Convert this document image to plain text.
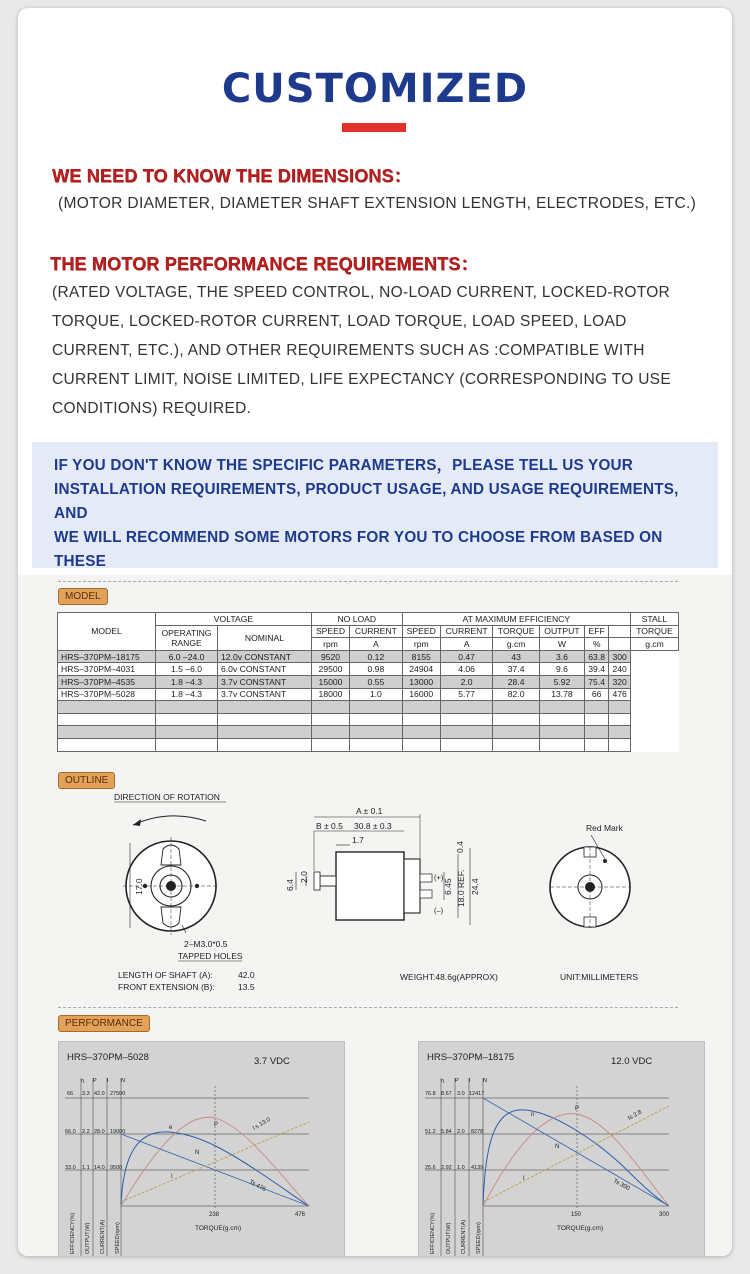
CUSTOMIZED
WE NEED TO KNOW THE DIMENSIONS：
(MOTOR DIAMETER, DIAMETER SHAFT EXTENSION LENGTH, ELECTRODES, ETC.)
THE MOTOR PERFORMANCE REQUIREMENTS：
(RATED VOLTAGE, THE SPEED CONTROL, NO-LOAD CURRENT, LOCKED-ROTOR
TORQUE, LOCKED-ROTOR CURRENT, LOAD TORQUE, LOAD SPEED, LOAD
CURRENT, ETC.), AND OTHER REQUIREMENTS SUCH AS :COMPATIBLE WITH
CURRENT LIMIT, NOISE LIMITED, LIFE EXPECTANCY (CORRESPONDING TO USE
CONDITIONS) REQUIRED.
IF YOU DON'T KNOW THE SPECIFIC PARAMETERS，PLEASE TELL US YOUR
INSTALLATION REQUIREMENTS, PRODUCT USAGE, AND USAGE REQUIREMENTS, AND
WE WILL RECOMMEND SOME MOTORS FOR YOU TO CHOOSE FROM BASED ON THESE
MODEL
MODEL	VOLTAGE		NO LOAD		AT MAXIMUM EFFICIENCY						STALL
	OPERATING
RANGE	NOMINAL	SPEED	CURRENT	SPEED	CURRENT	TORQUE	OUTPUT	EFF		TORQUE
			rpm	A	rpm	A	g.cm	W	%		g.cm
HRS–370PM–18175	6.0 –24.0	12.0v CONSTANT	9520	0.12	8155	0.47	43	3.6	63.8	300	
HRS–370PM–4031	1.5 –6.0	6.0v CONSTANT	29500	0.98	24904	4.06	37.4	9.6	39.4	240	
HRS–370PM–4535	1.8 –4.3	3.7v CONSTANT	15000	0.55	13000	2.0	28.4	5.92	75.4	320	
HRS–370PM–5028	1.8 –4.3	3.7v CONSTANT	18000	1.0	16000	5.77	82.0	13.78	66	476	

OUTLINE
DIRECTION OF ROTATION
17.0
2–M3.0*0.5
TAPPED HOLES
LENGTH OF SHAFT (A):	42.0
FRONT EXTENSION (B):	13.5
A ± 0.1
B ± 0.5 30.8 ± 0.3
1.7
0.4
2.0
6.4	6.45 18.0 REF. 24.4
(+)
(–)
WEIGHT:48.6g(APPROX)
Red Mark
UNIT:MILLIMETERS
PERFORMANCE
HRS–370PM–5028	3.7 VDC
η P I N
66 3.3 42.0 27500
66.0 2.2 28.0 19000
33.0 1.1 14.0 9500
e	P
N
I
I s 13.0
Ts 476
238	476
TORQUE(g.cm)
EFFICIENCY(%) OUTPUT(W) CURRENT(A) SPEED(rpm)
HRS–370PM–18175	12.0 VDC
η P I N
76.8 8.67 3.0 12417
51.2 5.84 2.0 8278
25.6 2.92 1.0 4139
n
P
N
I
Is 2.8
Ts 300
150	300
TORQUE(g.cm)
EFFICIENCY(%) OUTPUT(W) CURRENT(A) SPEED(rpm)
